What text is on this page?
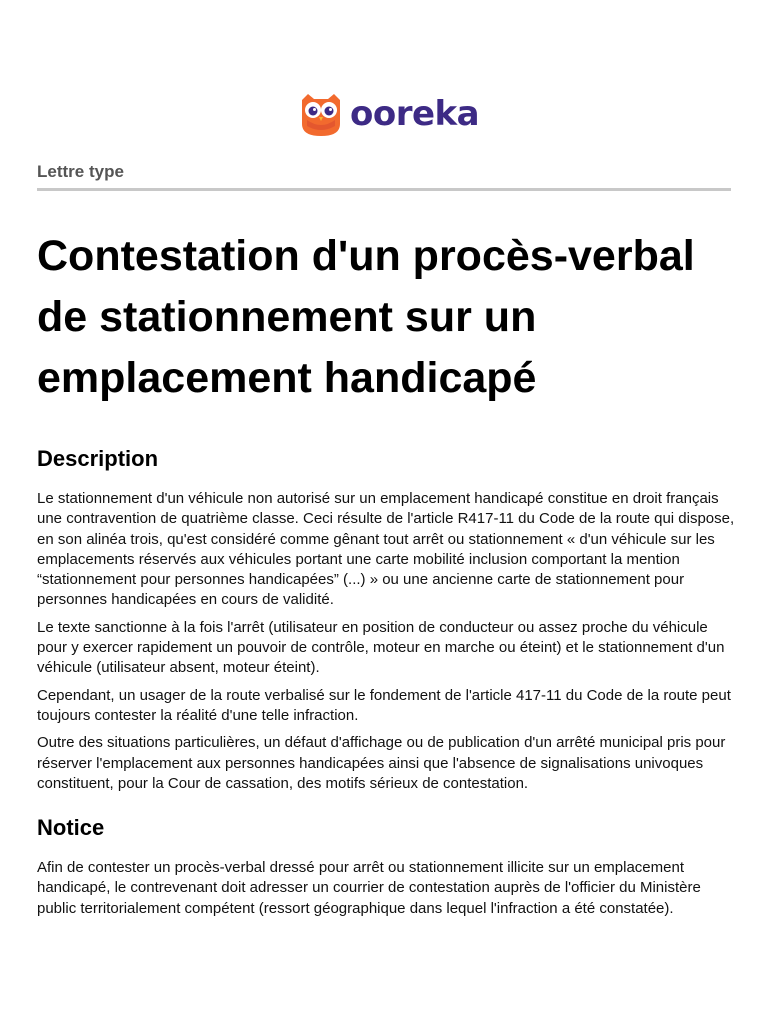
ooreka
Lettre type
Contestation d'un procès-verbal de stationnement sur un emplacement handicapé
Description

Le stationnement d'un véhicule non autorisé sur un emplacement handicapé constitue en droit français une contravention de quatrième classe. Ceci résulte de l'article R417-11 du Code de la route qui dispose, en son alinéa trois, qu'est considéré comme gênant tout arrêt ou stationnement « d'un véhicule sur les emplacements réservés aux véhicules portant une carte mobilité inclusion comportant la mention “stationnement pour personnes handicapées” (...) » ou une ancienne carte de stationnement pour personnes handicapées en cours de validité.

Le texte sanctionne à la fois l'arrêt (utilisateur en position de conducteur ou assez proche du véhicule pour y exercer rapidement un pouvoir de contrôle, moteur en marche ou éteint) et le stationnement d'un véhicule (utilisateur absent, moteur éteint).

Cependant, un usager de la route verbalisé sur le fondement de l'article 417-11 du Code de la route peut toujours contester la réalité d'une telle infraction.

Outre des situations particulières, un défaut d'affichage ou de publication d'un arrêté municipal pris pour réserver l'emplacement aux personnes handicapées ainsi que l'absence de signalisations univoques constituent, pour la Cour de cassation, des motifs sérieux de contestation.

Notice

Afin de contester un procès-verbal dressé pour arrêt ou stationnement illicite sur un emplacement handicapé, le contrevenant doit adresser un courrier de contestation auprès de l'officier du Ministère public territorialement compétent (ressort géographique dans lequel l'infraction a été constatée).
